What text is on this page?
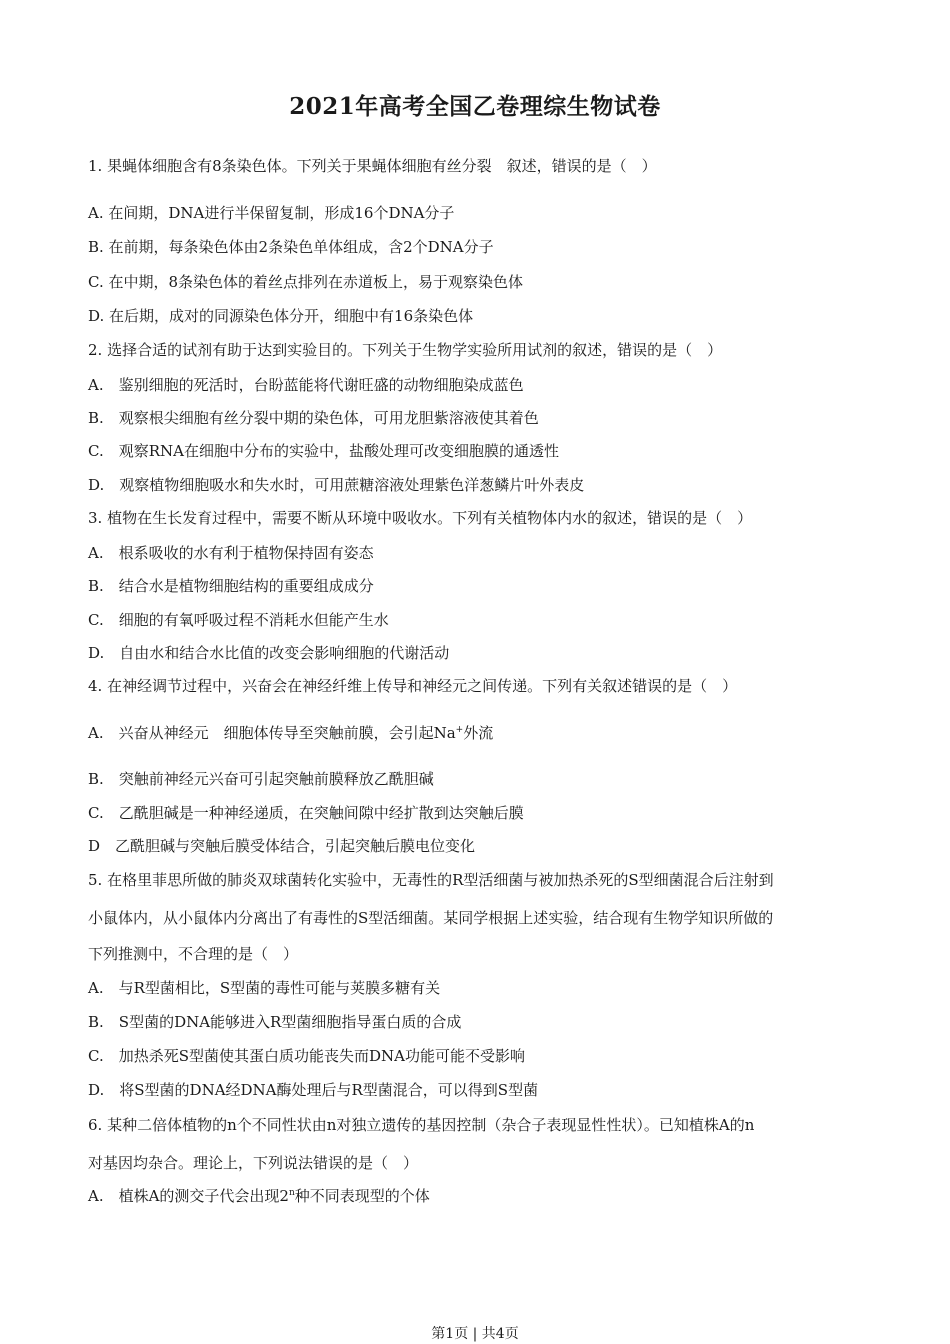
2021年高考全国乙卷理综生物试卷
1. 果蝇体细胞含有8条染色体。下列关于果蝇体细胞有丝分裂　叙述，错误的是（　）
A. 在间期，DNA进行半保留复制，形成16个DNA分子
B. 在前期，每条染色体由2条染色单体组成，含2个DNA分子
C. 在中期，8条染色体的着丝点排列在赤道板上，易于观察染色体
D. 在后期，成对的同源染色体分开，细胞中有16条染色体
2. 选择合适的试剂有助于达到实验目的。下列关于生物学实验所用试剂的叙述，错误的是（　）
A.　鉴别细胞的死活时，台盼蓝能将代谢旺盛的动物细胞染成蓝色
B.　观察根尖细胞有丝分裂中期的染色体，可用龙胆紫溶液使其着色
C.　观察RNA在细胞中分布的实验中，盐酸处理可改变细胞膜的通透性
D.　观察植物细胞吸水和失水时，可用蔗糖溶液处理紫色洋葱鳞片叶外表皮
3. 植物在生长发育过程中，需要不断从环境中吸收水。下列有关植物体内水的叙述，错误的是（　）
A.　根系吸收的水有利于植物保持固有姿态
B.　结合水是植物细胞结构的重要组成成分
C.　细胞的有氧呼吸过程不消耗水但能产生水
D.　自由水和结合水比值的改变会影响细胞的代谢活动
4. 在神经调节过程中，兴奋会在神经纤维上传导和神经元之间传递。下列有关叙述错误的是（　）
A.　兴奋从神经元　细胞体传导至突触前膜，会引起Na+外流
B.　突触前神经元兴奋可引起突触前膜释放乙酰胆碱
C.　乙酰胆碱是一种神经递质，在突触间隙中经扩散到达突触后膜
D　乙酰胆碱与突触后膜受体结合，引起突触后膜电位变化
5. 在格里菲思所做的肺炎双球菌转化实验中，无毒性的R型活细菌与被加热杀死的S型细菌混合后注射到
小鼠体内，从小鼠体内分离出了有毒性的S型活细菌。某同学根据上述实验，结合现有生物学知识所做的
下列推测中，不合理的是（　）
A.　与R型菌相比，S型菌的毒性可能与荚膜多糖有关
B.　S型菌的DNA能够进入R型菌细胞指导蛋白质的合成
C.　加热杀死S型菌使其蛋白质功能丧失而DNA功能可能不受影响
D.　将S型菌的DNA经DNA酶处理后与R型菌混合，可以得到S型菌
6. 某种二倍体植物的n个不同性状由n对独立遗传的基因控制（杂合子表现显性性状）。已知植株A的n
对基因均杂合。理论上，下列说法错误的是（　）
A.　植株A的测交子代会出现2$^n$种不同表现型的个体
第1页 | 共4页
